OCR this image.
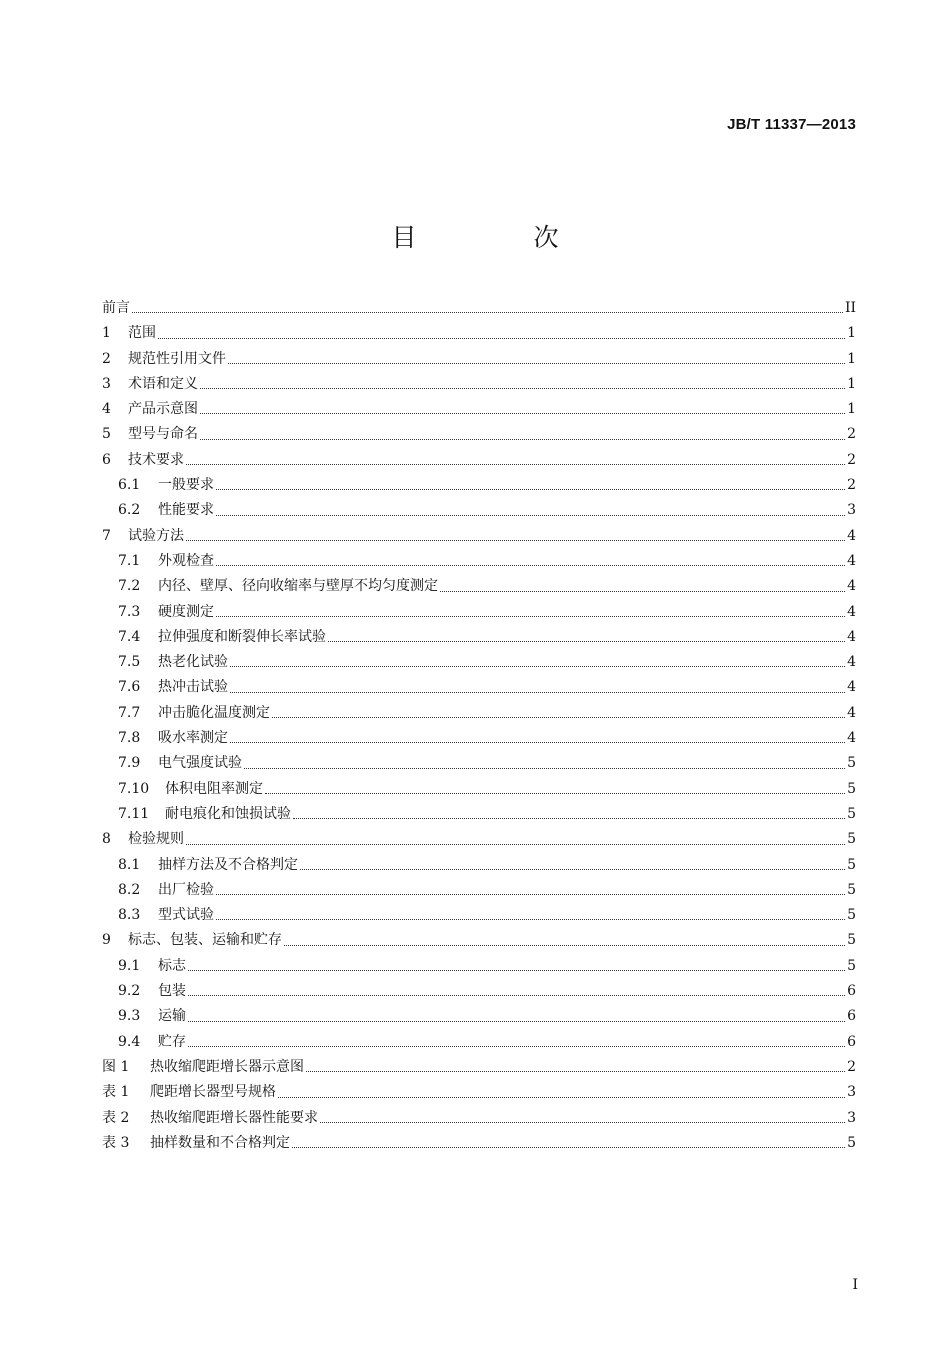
JB/T 11337—2013
目　次
前言	II
1	范围	1
2	规范性引用文件	1
3	术语和定义	1
4	产品示意图	1
5	型号与命名	2
6	技术要求	2
6.1	一般要求	2
6.2	性能要求	3
7	试验方法	4
7.1	外观检查	4
7.2	内径、壁厚、径向收缩率与壁厚不均匀度测定	4
7.3	硬度测定	4
7.4	拉伸强度和断裂伸长率试验	4
7.5	热老化试验	4
7.6	热冲击试验	4
7.7	冲击脆化温度测定	4
7.8	吸水率测定	4
7.9	电气强度试验	5
7.10	体积电阻率测定	5
7.11	耐电痕化和蚀损试验	5
8	检验规则	5
8.1	抽样方法及不合格判定	5
8.2	出厂检验	5
8.3	型式试验	5
9	标志、包装、运输和贮存	5
9.1	标志	5
9.2	包装	6
9.3	运输	6
9.4	贮存	6
图 1	热收缩爬距增长器示意图	2
表 1	爬距增长器型号规格	3
表 2	热收缩爬距增长器性能要求	3
表 3	抽样数量和不合格判定	5
I
